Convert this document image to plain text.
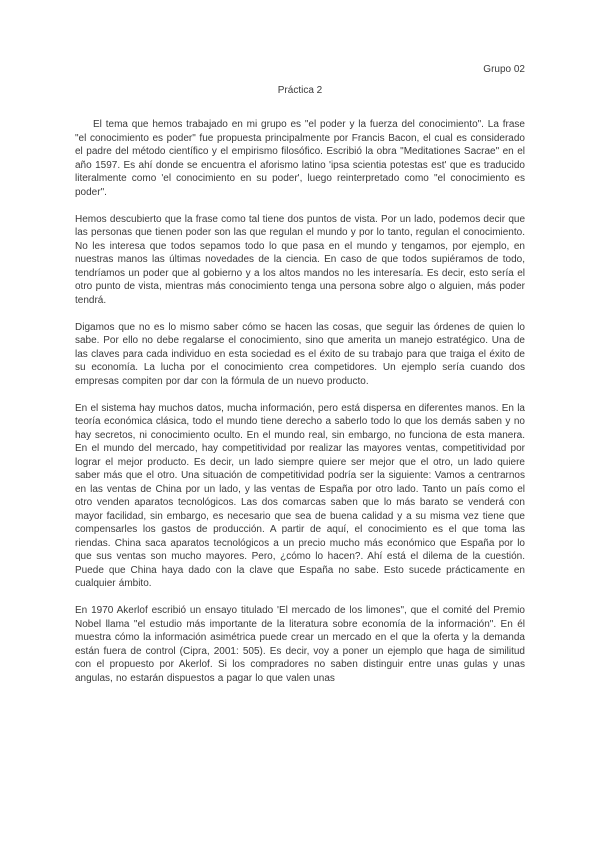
Grupo 02
Práctica 2

El tema que hemos trabajado en mi grupo es "el poder y la fuerza del conocimiento". La frase "el conocimiento es poder" fue propuesta principalmente por Francis Bacon, el cual es considerado el padre del método científico y el empirismo filosófico. Escribió la obra "Meditationes Sacrae" en el año 1597. Es ahí donde se encuentra el aforismo latino 'ipsa scientia potestas est' que es traducido literalmente como 'el conocimiento en su poder', luego reinterpretado como "el conocimiento es poder".

Hemos descubierto que la frase como tal tiene dos puntos de vista. Por un lado, podemos decir que las personas que tienen poder son las que regulan el mundo y por lo tanto, regulan el conocimiento. No les interesa que todos sepamos todo lo que pasa en el mundo y tengamos, por ejemplo, en nuestras manos las últimas novedades de la ciencia. En caso de que todos supiéramos de todo, tendríamos un poder que al gobierno y a los altos mandos no les interesaría. Es decir, esto sería el otro punto de vista, mientras más conocimiento tenga una persona sobre algo o alguien, más poder tendrá.

Digamos que no es lo mismo saber cómo se hacen las cosas, que seguir las órdenes de quien lo sabe. Por ello no debe regalarse el conocimiento, sino que amerita un manejo estratégico. Una de las claves para cada individuo en esta sociedad es el éxito de su trabajo para que traiga el éxito de su economía. La lucha por el conocimiento crea competidores. Un ejemplo sería cuando dos empresas compiten por dar con la fórmula de un nuevo producto.

En el sistema hay muchos datos, mucha información, pero está dispersa en diferentes manos. En la teoría económica clásica, todo el mundo tiene derecho a saberlo todo lo que los demás saben y no hay secretos, ni conocimiento oculto. En el mundo real, sin embargo, no funciona de esta manera. En el mundo del mercado, hay competitividad por realizar las mayores ventas, competitividad por lograr el mejor producto. Es decir, un lado siempre quiere ser mejor que el otro, un lado quiere saber más que el otro. Una situación de competitividad podría ser la siguiente: Vamos a centrarnos en las ventas de China por un lado, y las ventas de España por otro lado. Tanto un país como el otro venden aparatos tecnológicos. Las dos comarcas saben que lo más barato se venderá con mayor facilidad, sin embargo, es necesario que sea de buena calidad y a su misma vez tiene que compensarles los gastos de producción. A partir de aquí, el conocimiento es el que toma las riendas. China saca aparatos tecnológicos a un precio mucho más económico que España por lo que sus ventas son mucho mayores. Pero, ¿cómo lo hacen?. Ahí está el dilema de la cuestión. Puede que China haya dado con la clave que España no sabe. Esto sucede prácticamente en cualquier ámbito.

En 1970 Akerlof escribió un ensayo titulado 'El mercado de los limones", que el comité del Premio Nobel llama "el estudio más importante de la literatura sobre economía de la información". En él muestra cómo la información asimétrica puede crear un mercado en el que la oferta y la demanda están fuera de control (Cipra, 2001: 505). Es decir, voy a poner un ejemplo que haga de similitud con el propuesto por Akerlof. Si los compradores no saben distinguir entre unas gulas y unas angulas, no estarán dispuestos a pagar lo que valen unas
